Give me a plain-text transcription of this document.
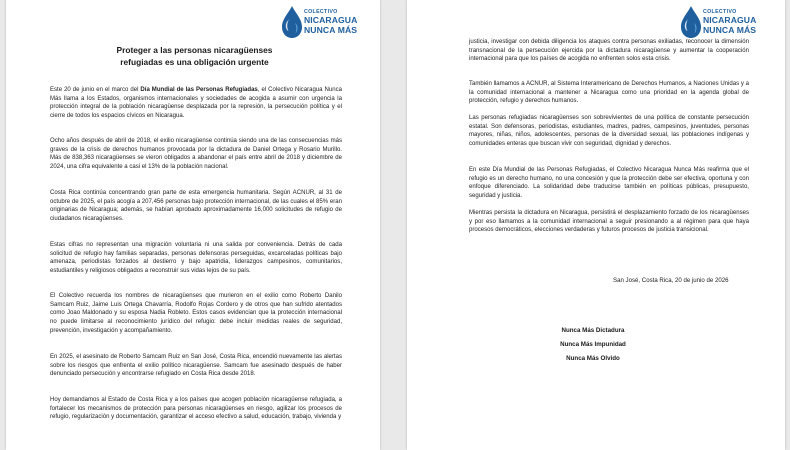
COLECTIVO
NICARAGUA
NUNCA MÁS
Proteger a las personas nicaragüenses
refugiadas es una obligación urgente

Este 20 de junio en el marco del Día Mundial de las Personas Refugiadas, el Colectivo Nicaragua Nunca Más llama a los Estados, organismos internacionales y sociedades de acogida a asumir con urgencia la protección integral de la población nicaragüense desplazada por la represión, la persecución política y el cierre de todos los espacios cívicos en Nicaragua.

Ocho años después de abril de 2018, el exilio nicaragüense continúa siendo una de las consecuencias más graves de la crisis de derechos humanos provocada por la dictadura de Daniel Ortega y Rosario Murillo. Más de 838,363 nicaragüenses se vieron obligados a abandonar el país entre abril de 2018 y diciembre de 2024, una cifra equivalente a casi el 13% de la población nacional.

Costa Rica continúa concentrando gran parte de esta emergencia humanitaria. Según ACNUR, al 31 de octubre de 2025, el país acogía a 207,456 personas bajo protección internacional, de las cuales el 85% eran originarias de Nicaragua; además, se habían aprobado aproximadamente 16,000 solicitudes de refugio de ciudadanos nicaragüenses.

Estas cifras no representan una migración voluntaria ni una salida por conveniencia. Detrás de cada solicitud de refugio hay familias separadas, personas defensoras perseguidas, excarceladas políticas bajo amenaza, periodistas forzados al destierro y bajo apatridia, liderazgos campesinos, comunitarios, estudiantiles y religiosos obligados a reconstruir sus vidas lejos de su país.

El Colectivo recuerda los nombres de nicaragüenses que murieron en el exilio como Roberto Danilo Samcam Ruiz, Jaime Luis Ortega Chavarría, Rodolfo Rojas Cordero y de otros que han sufrido atentados como Joao Maldonado y su esposa Nadia Robleto. Estos casos evidencian que la protección internacional no puede limitarse al reconocimiento jurídico del refugio: debe incluir medidas reales de seguridad, prevención, investigación y acompañamiento.

En 2025, el asesinato de Roberto Samcam Ruiz en San José, Costa Rica, encendió nuevamente las alertas sobre los riesgos que enfrenta el exilio político nicaragüense. Samcam fue asesinado después de haber denunciado persecución y encontrarse refugiado en Costa Rica desde 2018.

Hoy demandamos al Estado de Costa Rica y a los países que acogen población nicaragüense refugiada, a fortalecer los mecanismos de protección para personas nicaragüenses en riesgo, agilizar los procesos de refugio, regularización y documentación, garantizar el acceso efectivo a salud, educación, trabajo, vivienda y

COLECTIVO
NICARAGUA
NUNCA MÁS

justicia, investigar con debida diligencia los ataques contra personas exiliadas, reconocer la dimensión transnacional de la persecución ejercida por la dictadura nicaragüense y aumentar la cooperación internacional para que los países de acogida no enfrenten solos esta crisis.

También llamamos a ACNUR, al Sistema Interamericano de Derechos Humanos, a Naciones Unidas y a la comunidad internacional a mantener a Nicaragua como una prioridad en la agenda global de protección, refugio y derechos humanos.

Las personas refugiadas nicaragüenses son sobrevivientes de una política de constante persecución estatal. Son defensoras, periodistas, estudiantes, madres, padres, campesinos, juventudes, personas mayores, niñas, niños, adolescentes, personas de la diversidad sexual, las poblaciones indígenas y comunidades enteras que buscan vivir con seguridad, dignidad y derechos.

En este Día Mundial de las Personas Refugiadas, el Colectivo Nicaragua Nunca Más reafirma que el refugio es un derecho humano, no una concesión y que la protección debe ser efectiva, oportuna y con enfoque diferenciado. La solidaridad debe traducirse también en políticas públicas, presupuesto, seguridad y justicia.

Mientras persista la dictadura en Nicaragua, persistirá el desplazamiento forzado de los nicaragüenses y por eso llamamos a la comunidad internacional a seguir presionando a al régimen para que haya procesos democráticos, elecciones verdaderas y futuros procesos de justicia transicional.

San José, Costa Rica, 20 de junio de 2026
Nunca Más Dictadura
Nunca Más Impunidad
Nunca Más Olvido
